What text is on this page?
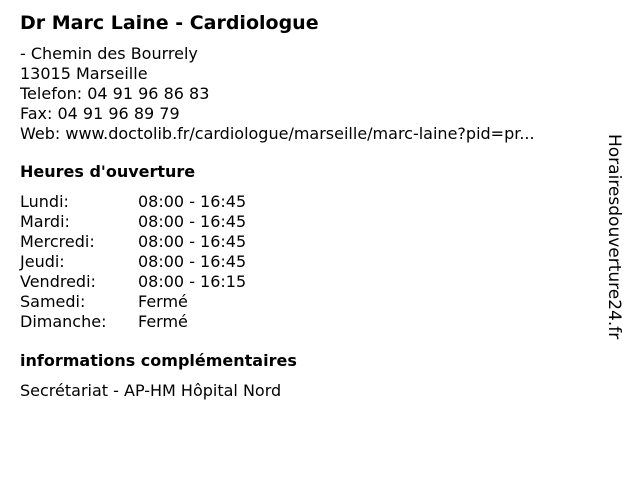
Dr Marc Laine - Cardiologue
- Chemin des Bourrely
13015 Marseille
Telefon: 04 91 96 86 83
Fax: 04 91 96 89 79
Web: www.doctolib.fr/cardiologue/marseille/marc-laine?pid=pr...
Heures d'ouverture
Lundi:	08:00 - 16:45
Mardi:	08:00 - 16:45
Mercredi:	08:00 - 16:45
Jeudi:	08:00 - 16:45
Vendredi:	08:00 - 16:15
Samedi:	Fermé
Dimanche:	Fermé
informations complémentaires
Secrétariat - AP-HM Hôpital Nord
Horairesdouverture24.fr
